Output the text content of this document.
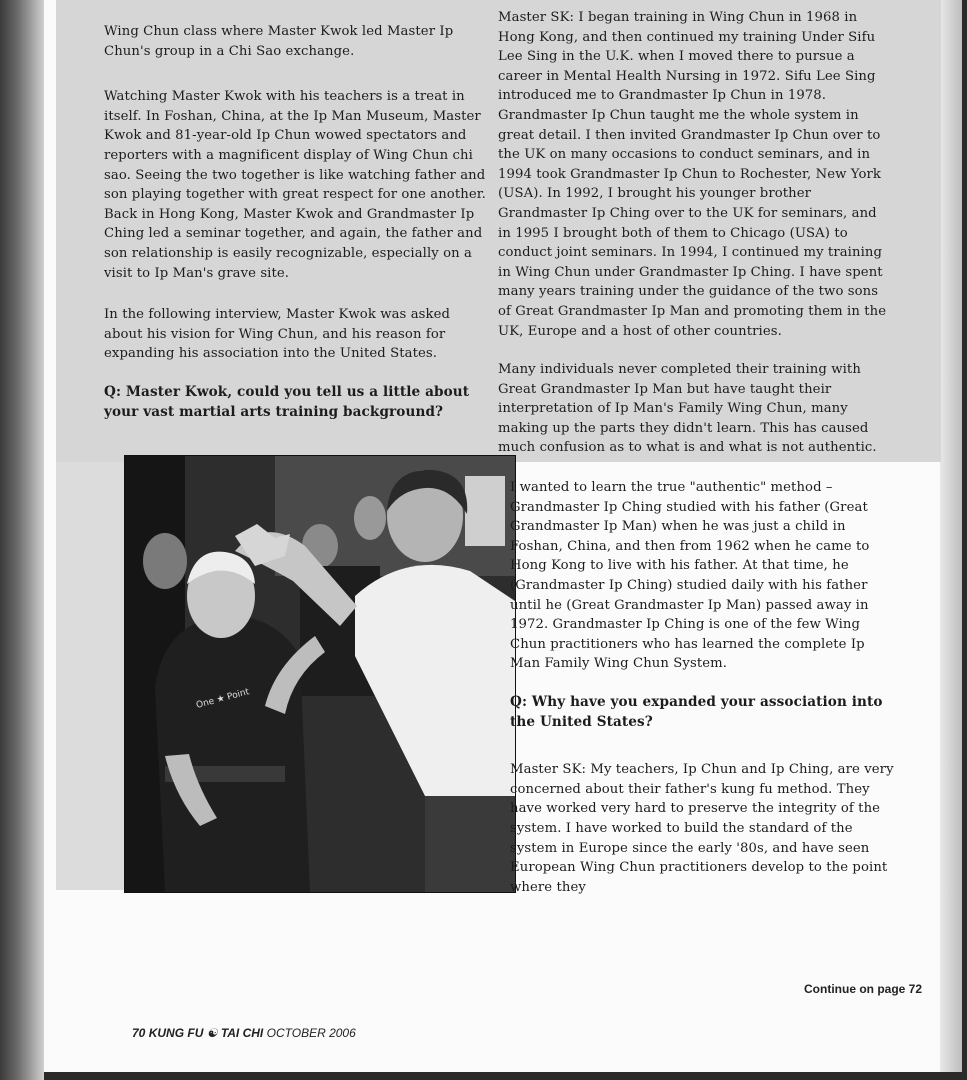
Wing Chun class where Master Kwok led Master Ip Chun's group in a Chi Sao exchange.

Watching Master Kwok with his teachers is a treat in itself. In Foshan, China, at the Ip Man Museum, Master Kwok and 81-year-old Ip Chun wowed spectators and reporters with a magnificent display of Wing Chun chi sao. Seeing the two together is like watching father and son playing together with great respect for one another. Back in Hong Kong, Master Kwok and Grandmaster Ip Ching led a seminar together, and again, the father and son relationship is easily recognizable, especially on a visit to Ip Man's grave site.

In the following interview, Master Kwok was asked about his vision for Wing Chun, and his reason for expanding his association into the United States.

Q: Master Kwok, could you tell us a little about your vast martial arts training background?

Master SK: I began training in Wing Chun in 1968 in Hong Kong, and then continued my training Under Sifu Lee Sing in the U.K. when I moved there to pursue a career in Mental Health Nursing in 1972. Sifu Lee Sing introduced me to Grandmaster Ip Chun in 1978. Grandmaster Ip Chun taught me the whole system in great detail. I then invited Grandmaster Ip Chun over to the UK on many occasions to conduct seminars, and in 1994 took Grandmaster Ip Chun to Rochester, New York (USA). In 1992, I brought his younger brother Grandmaster Ip Ching over to the UK for seminars, and in 1995 I brought both of them to Chicago (USA) to conduct joint seminars. In 1994, I continued my training in Wing Chun under Grandmaster Ip Ching. I have spent many years training under the guidance of the two sons of Great Grandmaster Ip Man and promoting them in the UK, Europe and a host of other countries.

Many individuals never completed their training with Great Grandmaster Ip Man but have taught their interpretation of Ip Man's Family Wing Chun, many making up the parts they didn't learn. This has caused much confusion as to what is and what is not authentic.

One ★ Point

I wanted to learn the true "authentic" method – Grandmaster Ip Ching studied with his father (Great Grandmaster Ip Man) when he was just a child in Foshan, China, and then from 1962 when he came to Hong Kong to live with his father. At that time, he (Grandmaster Ip Ching) studied daily with his father until he (Great Grandmaster Ip Man) passed away in 1972. Grandmaster Ip Ching is one of the few Wing Chun practitioners who has learned the complete Ip Man Family Wing Chun System.

Q: Why have you expanded your association into the United States?

Master SK: My teachers, Ip Chun and Ip Ching, are very concerned about their father's kung fu method. They have worked very hard to preserve the integrity of the system. I have worked to build the standard of the system in Europe since the early '80s, and have seen European Wing Chun practitioners develop to the point where they

Continue on page 72
70 KUNG FU ☯ TAI CHI OCTOBER 2006
